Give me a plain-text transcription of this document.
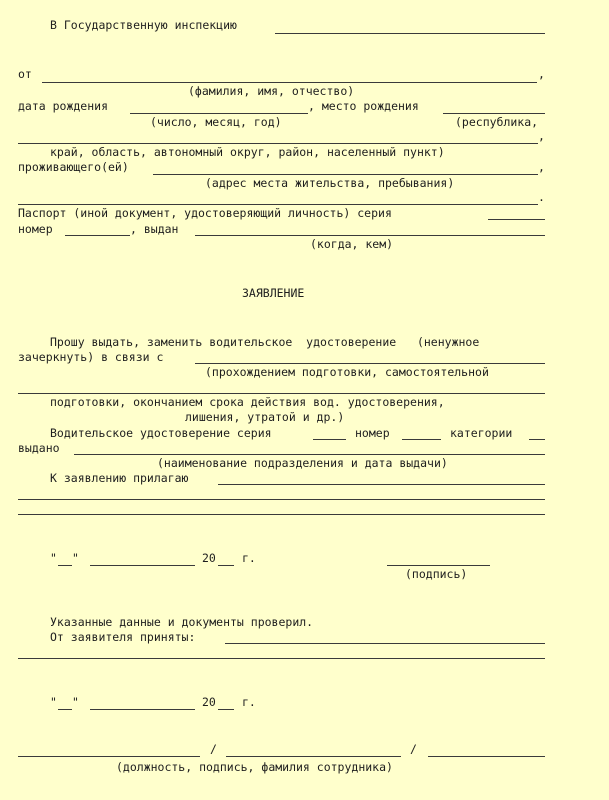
В Государственную инспекцию
от	,
(фамилия, имя, отчество)
дата рождения	, место рождения
(число, месяц, год)	(республика,
,
край, область, автономный округ, район, населенный пункт)
проживающего(ей)	,
(адрес места жительства, пребывания)
.
Паспорт (иной документ, удостоверяющий личность) серия
номер	, выдан
(когда, кем)
ЗАЯВЛЕНИЕ
Прошу выдать, заменить водительское  удостоверение   (ненужное
зачеркнуть) в связи с
(прохождением подготовки, самостоятельной
подготовки, окончанием срока действия вод. удостоверения,
лишения, утратой и др.)
Водительское удостоверение серия	номер	категории
выдано
(наименование подразделения и дата выдачи)
К заявлению прилагаю
" "	20 г.
(подпись)
Указанные данные и документы проверил.
От заявителя приняты:
" "	20 г.
/	/
(должность, подпись, фамилия сотрудника)
